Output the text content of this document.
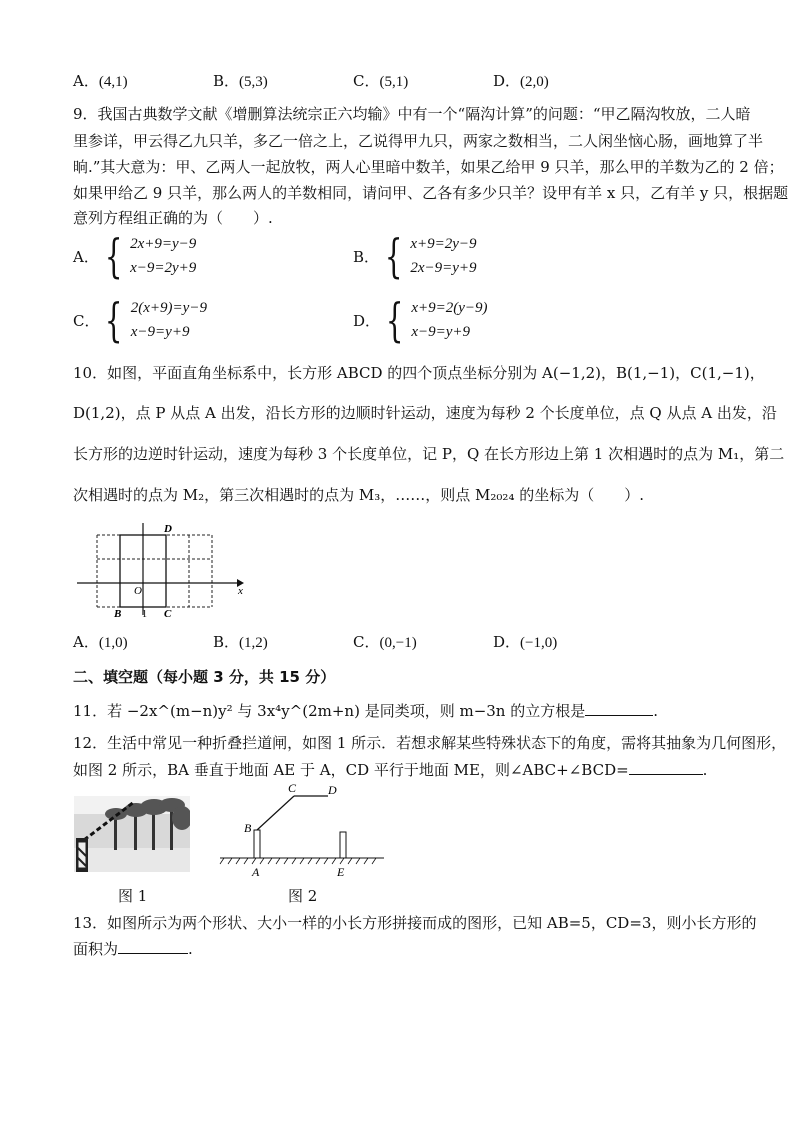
A．(4,1)	B．(5,3)	C．(5,1)	D．(2,0)
9．我国古典数学文献《增删算法统宗正六均输》中有一个“隔沟计算”的问题：“甲乙隔沟牧放，二人暗
里参详，甲云得乙九只羊，多乙一倍之上，乙说得甲九只，两家之数相当，二人闲坐恼心肠，画地算了半
晌.”其大意为：甲、乙两人一起放牧，两人心里暗中数羊，如果乙给甲 9 只羊，那么甲的羊数为乙的 2 倍；
如果甲给乙 9 只羊，那么两人的羊数相同，请问甲、乙各有多少只羊？设甲有羊 x 只，乙有羊 y 只，根据题
意列方程组正确的为（　　）.
A． { 2x+9=y−9
x−9=2y+9
B． { x+9=2y−9
2x−9=y+9
C． { 2(x+9)=y−9
x−9=y+9
D． { x+9=2(y−9)
x−9=y+9
10．如图，平面直角坐标系中，长方形 ABCD 的四个顶点坐标分别为 A(−1,2)，B(1,−1)，C(1,−1)，
D(1,2)，点 P 从点 A 出发，沿长方形的边顺时针运动，速度为每秒 2 个长度单位，点 Q 从点 A 出发，沿
长方形的边逆时针运动，速度为每秒 3 个长度单位，记 P，Q 在长方形边上第 1 次相遇时的点为 M₁，第二
次相遇时的点为 M₂，第三次相遇时的点为 M₃，……，则点 M₂₀₂₄ 的坐标为（　　）.
D
O
B 1 C
x
A．(1,0)	B．(1,2)	C．(0,−1)	D．(−1,0)
二、填空题（每小题 3 分，共 15 分）
11．若 −2x^(m−n)y² 与 3x⁴y^(2m+n) 是同类项，则 m−3n 的立方根是	.
12．生活中常见一种折叠拦道闸，如图 1 所示．若想求解某些特殊状态下的角度，需将其抽象为几何图形，
如图 2 所示，BA 垂直于地面 AE 于 A，CD 平行于地面 ME，则∠ABC+∠BCD=	.
图 1
C	D
B
A	E
图 2
13．如图所示为两个形状、大小一样的小长方形拼接而成的图形，已知 AB=5，CD=3，则小长方形的
面积为	.
